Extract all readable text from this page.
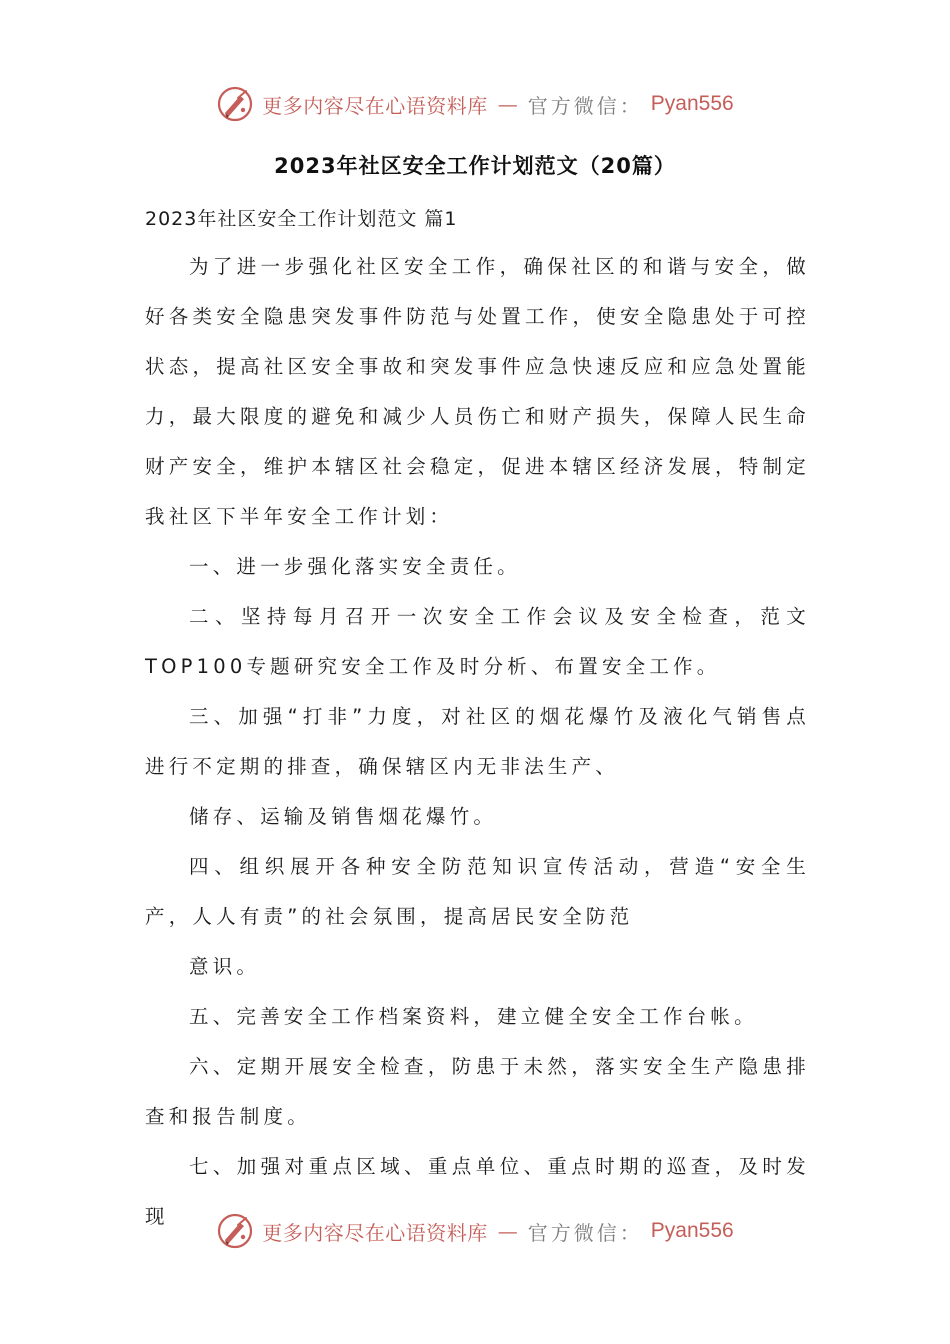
更多内容尽在心语资料库 — 官方微信： Pyan556
2023年社区安全工作计划范文（20篇）

2023年社区安全工作计划范文 篇1

为了进一步强化社区安全工作，确保社区的和谐与安全，做好各类安全隐患突发事件防范与处置工作，使安全隐患处于可控状态，提高社区安全事故和突发事件应急快速反应和应急处置能力，最大限度的避免和减少人员伤亡和财产损失，保障人民生命财产安全，维护本辖区社会稳定，促进本辖区经济发展，特制定我社区下半年安全工作计划：

一、进一步强化落实安全责任。

二、坚持每月召开一次安全工作会议及安全检查，范文TOP100专题研究安全工作及时分析、布置安全工作。

三、加强“打非”力度，对社区的烟花爆竹及液化气销售点进行不定期的排查，确保辖区内无非法生产、

储存、运输及销售烟花爆竹。

四、组织展开各种安全防范知识宣传活动，营造“安全生产，人人有责”的社会氛围，提高居民安全防范

意识。

五、完善安全工作档案资料，建立健全安全工作台帐。

六、定期开展安全检查，防患于未然，落实安全生产隐患排查和报告制度。

七、加强对重点区域、重点单位、重点时期的巡查，及时发现

更多内容尽在心语资料库 — 官方微信： Pyan556
